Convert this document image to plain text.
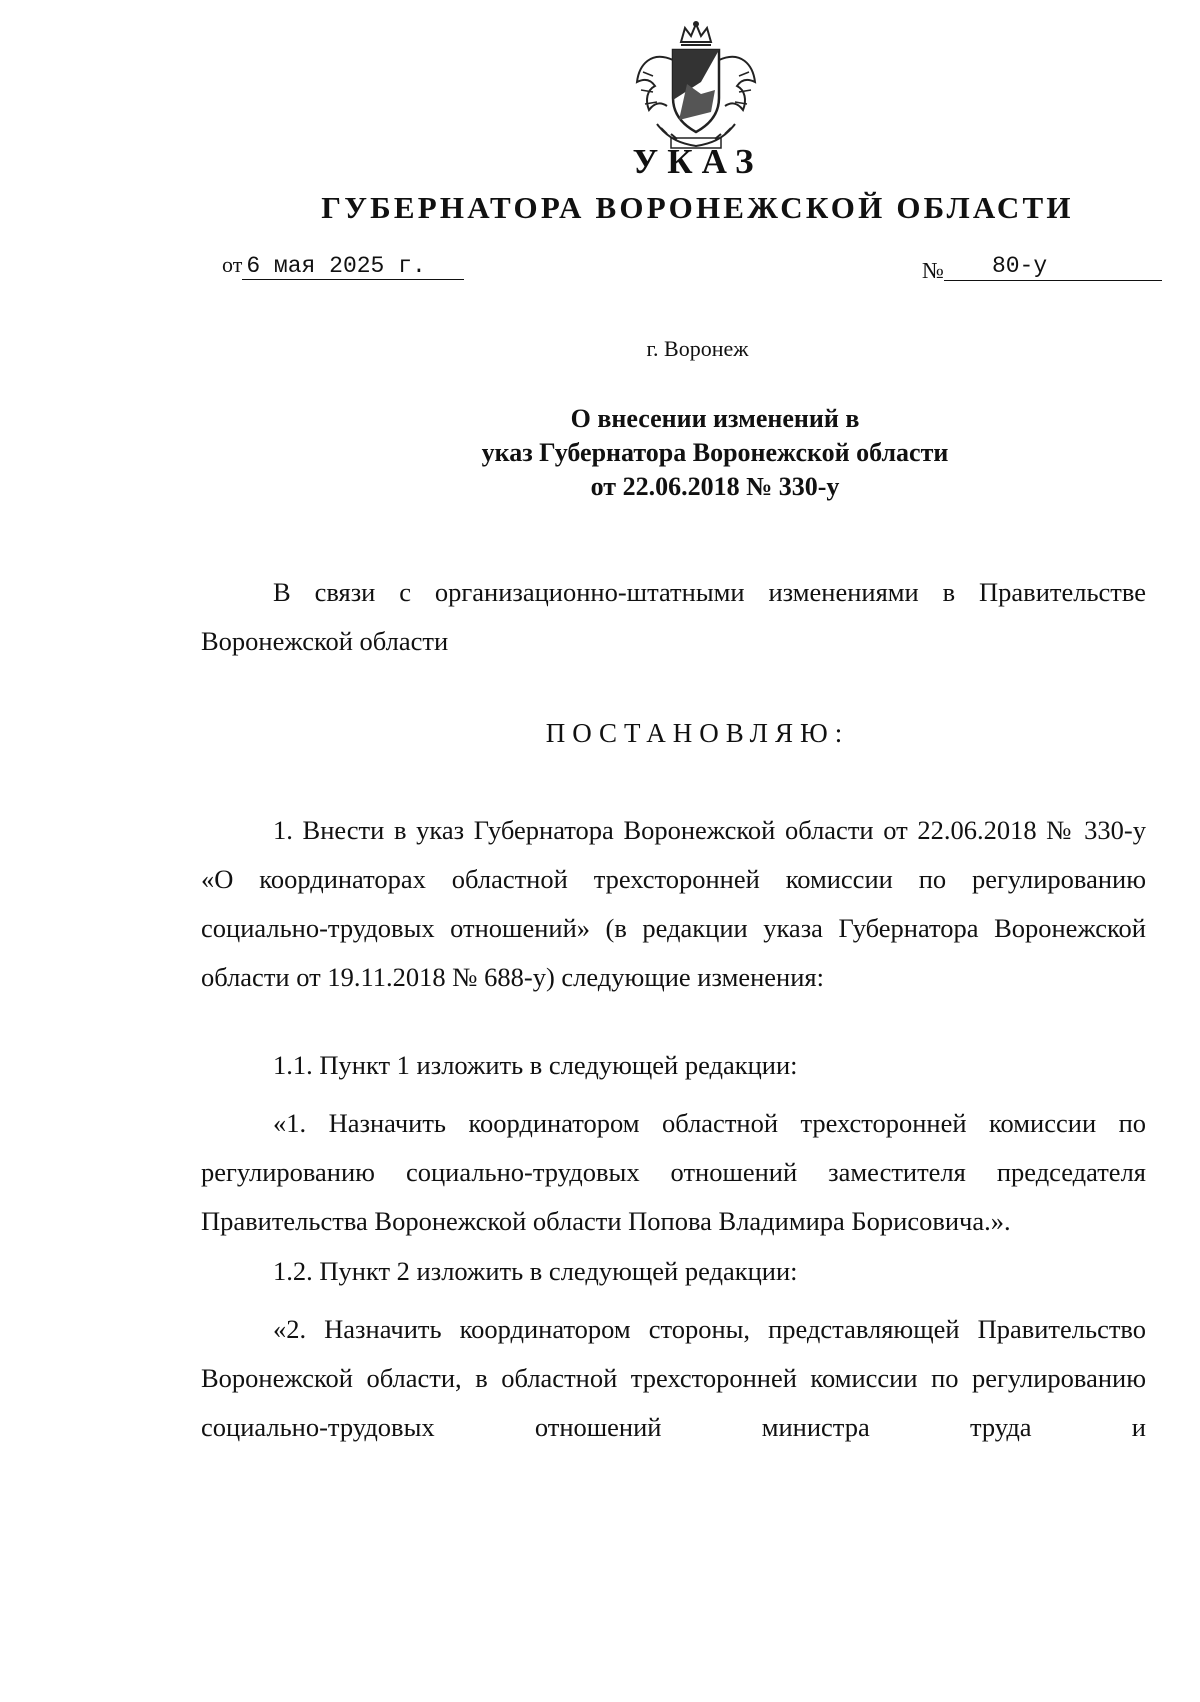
УКАЗ
ГУБЕРНАТОРА ВОРОНЕЖСКОЙ ОБЛАСТИ
от 6 мая 2025 г.	№ 80-у
г. Воронеж
О внесении изменений в
указ Губернатора Воронежской области
от 22.06.2018 № 330-у
В связи с организационно-штатными изменениями в Правительстве Воронежской области
ПОСТАНОВЛЯЮ:
1. Внести в указ Губернатора Воронежской области от 22.06.2018 № 330-у «О координаторах областной трехсторонней комиссии по регулированию социально-трудовых отношений» (в редакции указа Губернатора Воронежской области от 19.11.2018 № 688-у) следующие изменения:
1.1. Пункт 1 изложить в следующей редакции:
«1. Назначить координатором областной трехсторонней комиссии по регулированию социально-трудовых отношений заместителя председателя Правительства Воронежской области Попова Владимира Борисовича.».
1.2. Пункт 2 изложить в следующей редакции:
«2. Назначить координатором стороны, представляющей Правительство Воронежской области, в областной трехсторонней комиссии по регулированию социально-трудовых отношений министра труда и
